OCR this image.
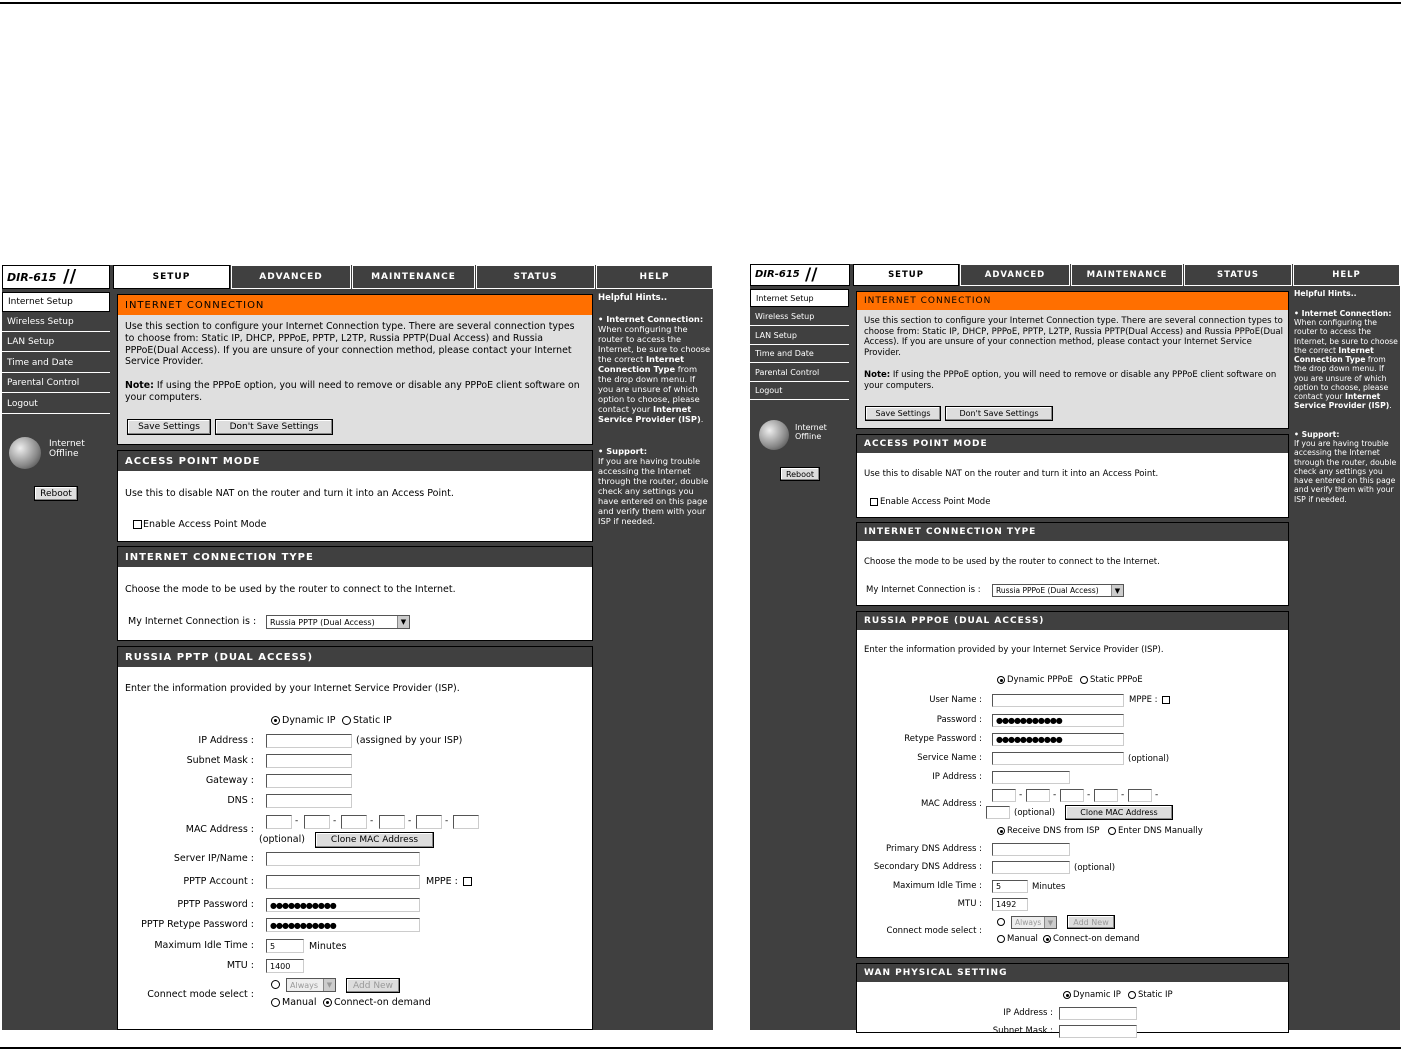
DIR-615 //	SETUP	ADVANCED	MAINTENANCE	STATUS	HELP
Internet Setup
Wireless Setup
LAN Setup
Time and Date
Parental Control
Logout
Internet
Offline
Reboot
INTERNET CONNECTION
Use this section to configure your Internet Connection type. There are several connection types to choose from: Static IP, DHCP, PPPoE, PPTP, L2TP, Russia PPTP(Dual Access) and Russia PPPoE(Dual Access). If you are unsure of your connection method, please contact your Internet Service Provider.
Note: If using the PPPoE option, you will need to remove or disable any PPPoE client software on your computers.
Save Settings	Don't Save Settings
ACCESS POINT MODE
Use this to disable NAT on the router and turn it into an Access Point.
Enable Access Point Mode
INTERNET CONNECTION TYPE
Choose the mode to be used by the router to connect to the Internet.
My Internet Connection is : Russia PPTP (Dual Access)	▼
RUSSIA PPTP (DUAL ACCESS)
Enter the information provided by your Internet Service Provider (ISP).
Dynamic IP Static IP
IP Address :	(assigned by your ISP)
Subnet Mask :
Gateway :
DNS :
MAC Address :
-	-	-	-	-
(optional)	Clone MAC Address
Server IP/Name :
PPTP Account :	MPPE :
PPTP Password :	●●●●●●●●●●●
PPTP Retype Password :	●●●●●●●●●●●
Maximum Idle Time :	5	Minutes
MTU :	1400
Connect mode select :
Always	▼	Add New
Manual Connect-on demand
Helpful Hints..
• Internet Connection:
When configuring the router to access the Internet, be sure to choose the correct Internet Connection Type from the drop down menu. If you are unsure of which option to choose, please contact your Internet Service Provider (ISP).
• Support:
If you are having trouble accessing the Internet through the router, double check any settings you have entered on this page and verify them with your ISP if needed.
DIR-615 //	SETUP	ADVANCED	MAINTENANCE	STATUS	HELP
Internet Setup
Wireless Setup
LAN Setup
Time and Date
Parental Control
Logout
Internet
Offline
Reboot
INTERNET CONNECTION
Use this section to configure your Internet Connection type. There are several connection types to choose from: Static IP, DHCP, PPPoE, PPTP, L2TP, Russia PPTP(Dual Access) and Russia PPPoE(Dual Access). If you are unsure of your connection method, please contact your Internet Service Provider.
Note: If using the PPPoE option, you will need to remove or disable any PPPoE client software on your computers.
Save Settings	Don't Save Settings
ACCESS POINT MODE
Use this to disable NAT on the router and turn it into an Access Point.
Enable Access Point Mode
INTERNET CONNECTION TYPE
Choose the mode to be used by the router to connect to the Internet.
My Internet Connection is : Russia PPPoE (Dual Access)	▼
RUSSIA PPPOE (DUAL ACCESS)
Enter the information provided by your Internet Service Provider (ISP).
Dynamic PPPoE Static PPPoE
User Name :	MPPE :
Password :	●●●●●●●●●●●
Retype Password :	●●●●●●●●●●●
Service Name :	(optional)
IP Address :
MAC Address :
-	-	-	-	-
(optional)	Clone MAC Address
Receive DNS from ISP Enter DNS Manually
Primary DNS Address :
Secondary DNS Address :	(optional)
Maximum Idle Time :	5	Minutes
MTU :	1492
Connect mode select :
Always ▼	Add New
Manual Connect-on demand
WAN PHYSICAL SETTING
Dynamic IP Static IP
IP Address :
Subnet Mask :
Helpful Hints..
• Internet Connection:
When configuring the router to access the Internet, be sure to choose the correct Internet Connection Type from the drop down menu. If you are unsure of which option to choose, please contact your Internet Service Provider (ISP).
• Support:
If you are having trouble accessing the Internet through the router, double check any settings you have entered on this page and verify them with your ISP if needed.
